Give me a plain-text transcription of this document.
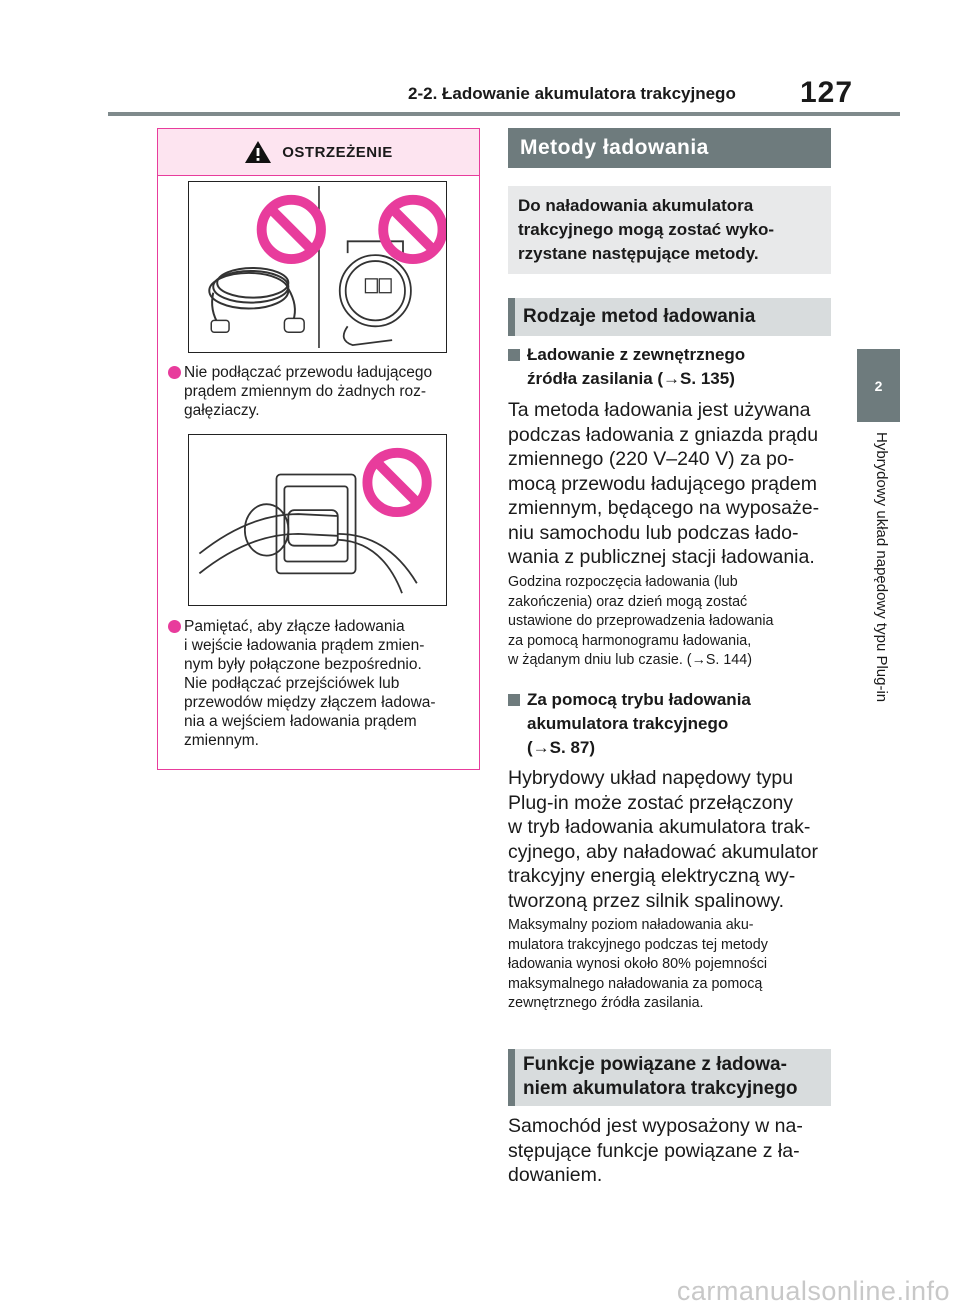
2-2. Ładowanie akumulatora trakcyjnego 127
2
Hybrydowy układ napędowy typu Plug-in
OSTRZEŻENIE
Nie podłączać przewodu ładującego
prądem zmiennym do żadnych roz-
gałęziaczy.
Pamiętać, aby złącze ładowania
i wejście ładowania prądem zmien-
nym były połączone bezpośrednio.
Nie podłączać przejściówek lub
przewodów między złączem ładowa-
nia a wejściem ładowania prądem
zmiennym.
Metody ładowania
Do naładowania akumulatora
trakcyjnego mogą zostać wyko-
rzystane następujące metody.
Rodzaje metod ładowania
Ładowanie z zewnętrznego
źródła zasilania (→S. 135)
Ta metoda ładowania jest używana
podczas ładowania z gniazda prądu
zmiennego (220 V–240 V) za po-
mocą przewodu ładującego prądem
zmiennym, będącego na wyposaże-
niu samochodu lub podczas łado-
wania z publicznej stacji ładowania.
Godzina rozpoczęcia ładowania (lub
zakończenia) oraz dzień mogą zostać
ustawione do przeprowadzenia ładowania
za pomocą harmonogramu ładowania,
w żądanym dniu lub czasie. (→S. 144)
Za pomocą trybu ładowania
akumulatora trakcyjnego
(→S. 87)
Hybrydowy układ napędowy typu
Plug-in może zostać przełączony
w tryb ładowania akumulatora trak-
cyjnego, aby naładować akumulator
trakcyjny energią elektryczną wy-
tworzoną przez silnik spalinowy.
Maksymalny poziom naładowania aku-
mulatora trakcyjnego podczas tej metody
ładowania wynosi około 80% pojemności
maksymalnego naładowania za pomocą
zewnętrznego źródła zasilania.
Funkcje powiązane z ładowa-
niem akumulatora trakcyjnego
Samochód jest wyposażony w na-
stępujące funkcje powiązane z ła-
dowaniem.
carmanualsonline.info
